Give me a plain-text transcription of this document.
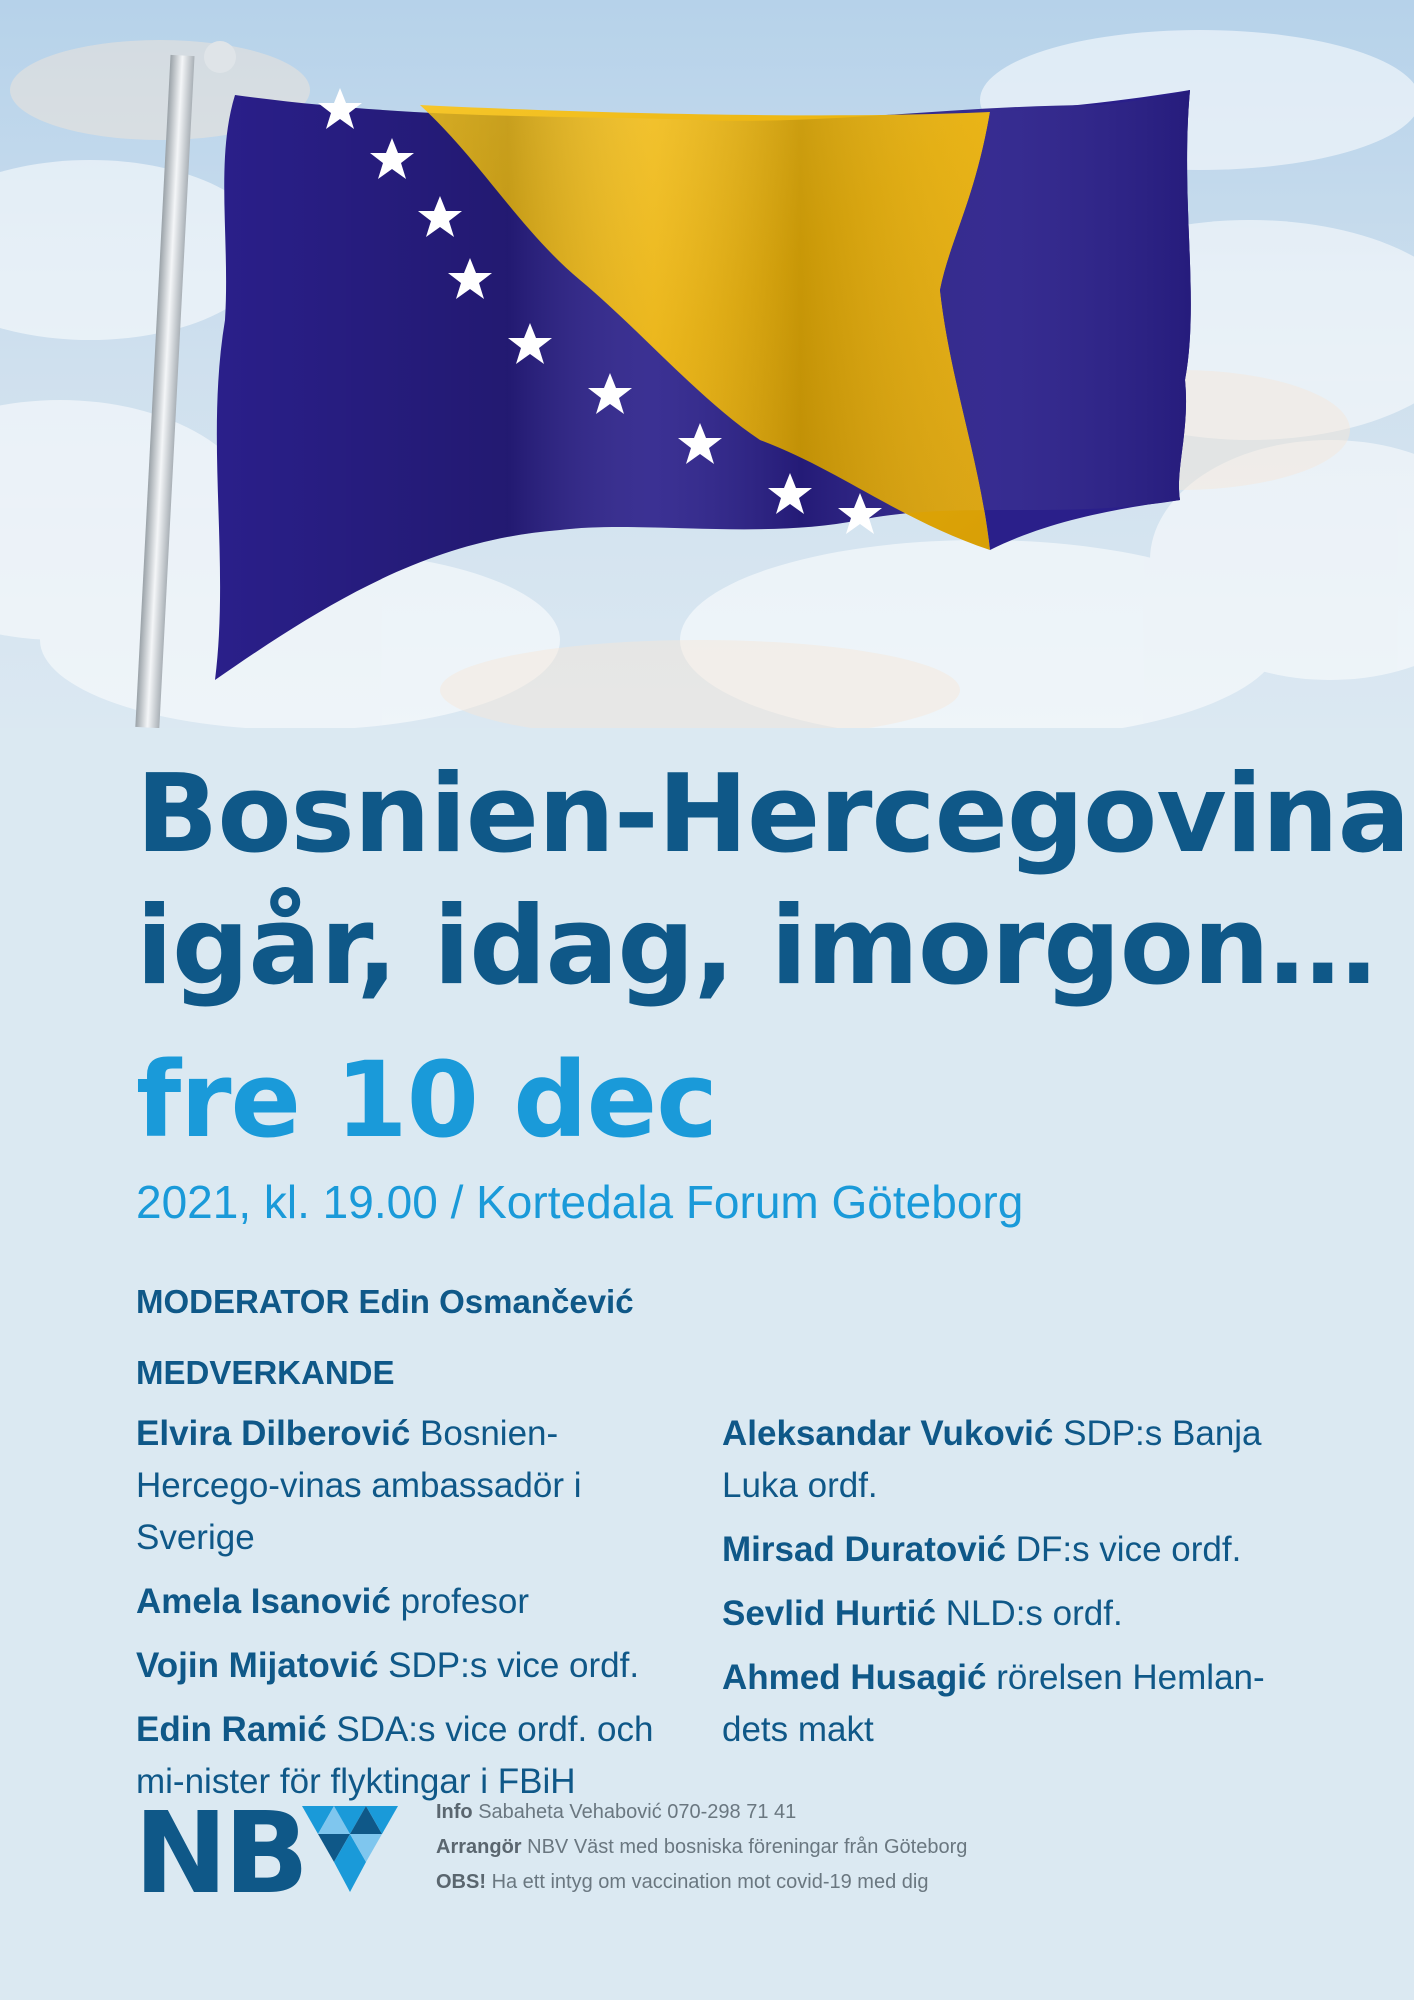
Bosnien-Hercegovina
igår, idag, imorgon…
fre 10 dec

2021, kl. 19.00 / Kortedala Forum Göteborg

MODERATOR Edin Osmančević

MEDVERKANDE

Elvira Dilberović Bosnien-Hercego-vinas ambassadör i Sverige

Amela Isanović profesor

Vojin Mijatović SDP:s vice ordf.

Edin Ramić SDA:s vice ordf. och mi-nister för flyktingar i FBiH

Aleksandar Vuković SDP:s Banja Luka ordf.

Mirsad Duratović DF:s vice ordf.

Sevlid Hurtić NLD:s ordf.

Ahmed Husagić rörelsen Hemlan-dets makt

NB	Info Sabaheta Vehabović 070-298 71 41

Arrangör NBV Väst med bosniska föreningar från Göteborg

OBS! Ha ett intyg om vaccination mot covid-19 med dig
